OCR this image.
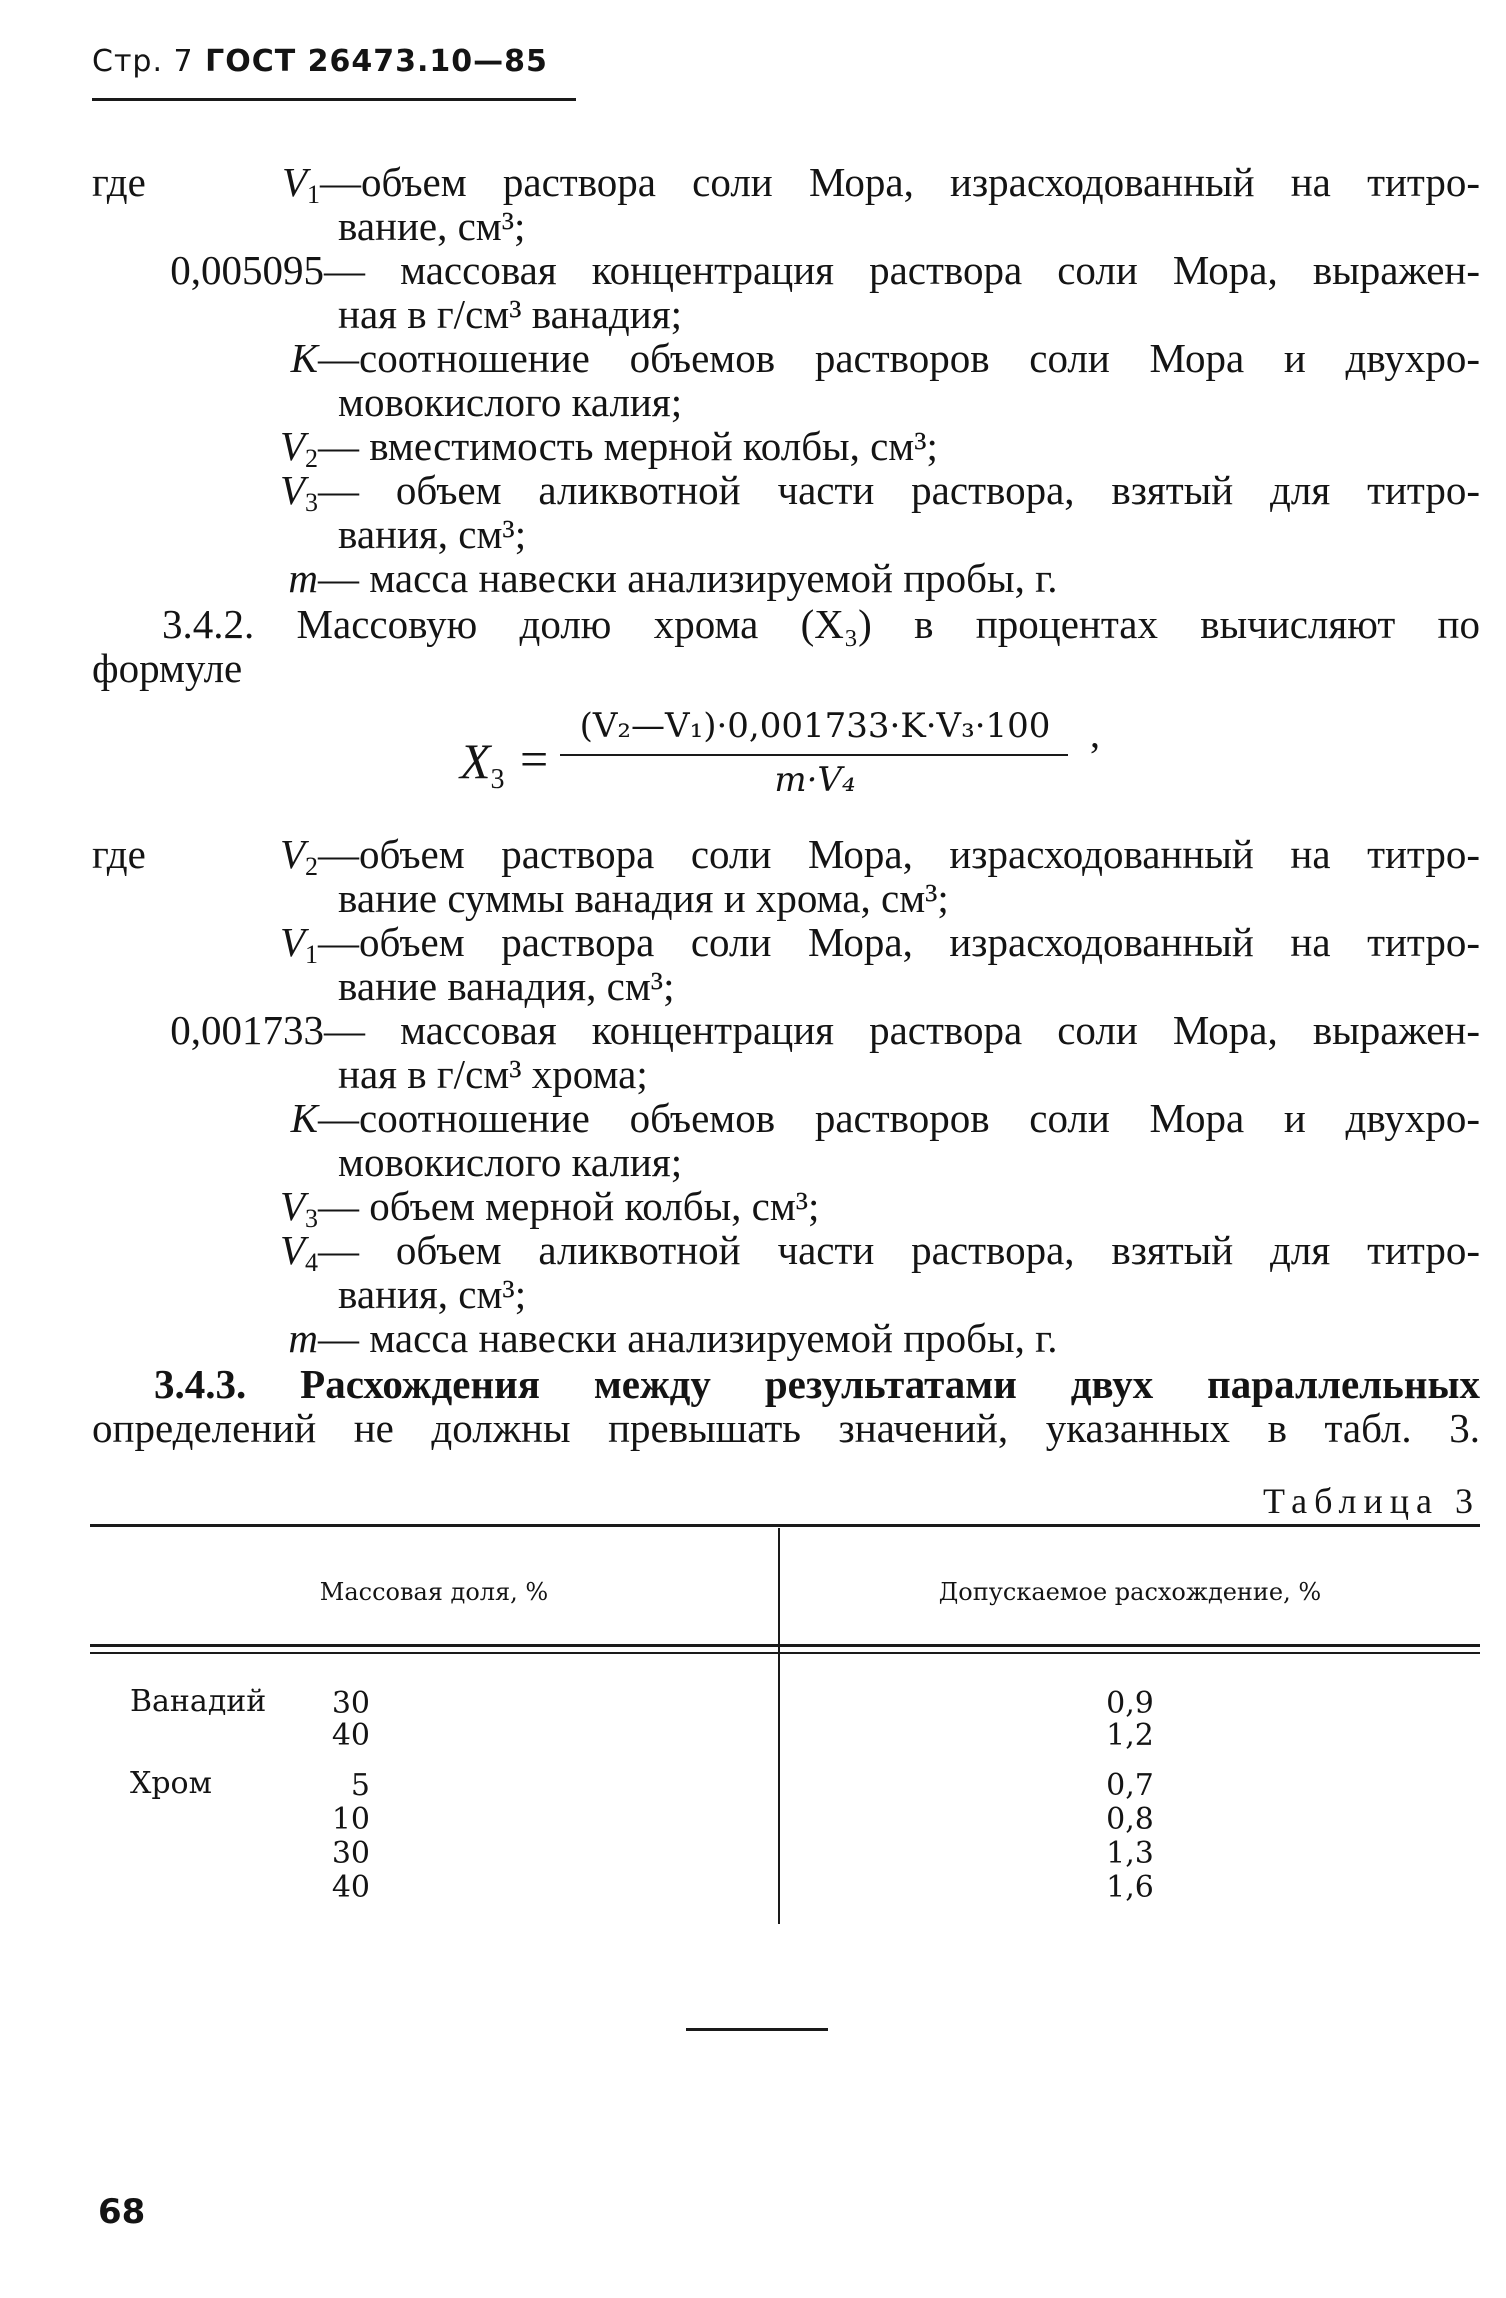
Стр. 7 ГОСТ 26473.10—85
где	$V_1$ —объем раствора соли Мора, израсходованный на титро-
вание, см³;
0,005095 — массовая концентрация раствора соли Мора, выражен-
ная в г/см³ ванадия;
K —соотношение объемов растворов соли Мора и двухро-
мовокислого калия;
$V_2$ — вместимость мерной колбы, см³;
$V_3$ — объем аликвотной части раствора, взятый для титро-
вания, см³;
m — масса навески анализируемой пробы, г.
3.4.2. Массовую долю хрома (X₃) в процентах вычисляют по
формуле
$X_3$ =
(V₂—V₁)·0,001733·K·V₃·100
m·V₄
,
где	$V_2$ —объем раствора соли Мора, израсходованный на титро-
вание суммы ванадия и хрома, см³;
$V_1$ —объем раствора соли Мора, израсходованный на титро-
вание ванадия, см³;
0,001733 — массовая концентрация раствора соли Мора, выражен-
ная в г/см³ хрома;
K —соотношение объемов растворов соли Мора и двухро-
мовокислого калия;
$V_3$ — объем мерной колбы, см³;
$V_4$ — объем аликвотной части раствора, взятый для титро-
вания, см³;
m — масса навески анализируемой пробы, г.
3.4.3. Расхождения между результатами двух параллельных
определений не должны превышать значений, указанных в табл. 3.
Таблица 3
Массовая доля, %	Допускаемое расхождение, %
Ванадий	30	0,9
40	1,2
Хром	5	0,7
10	0,8
30	1,3
40	1,6
68
